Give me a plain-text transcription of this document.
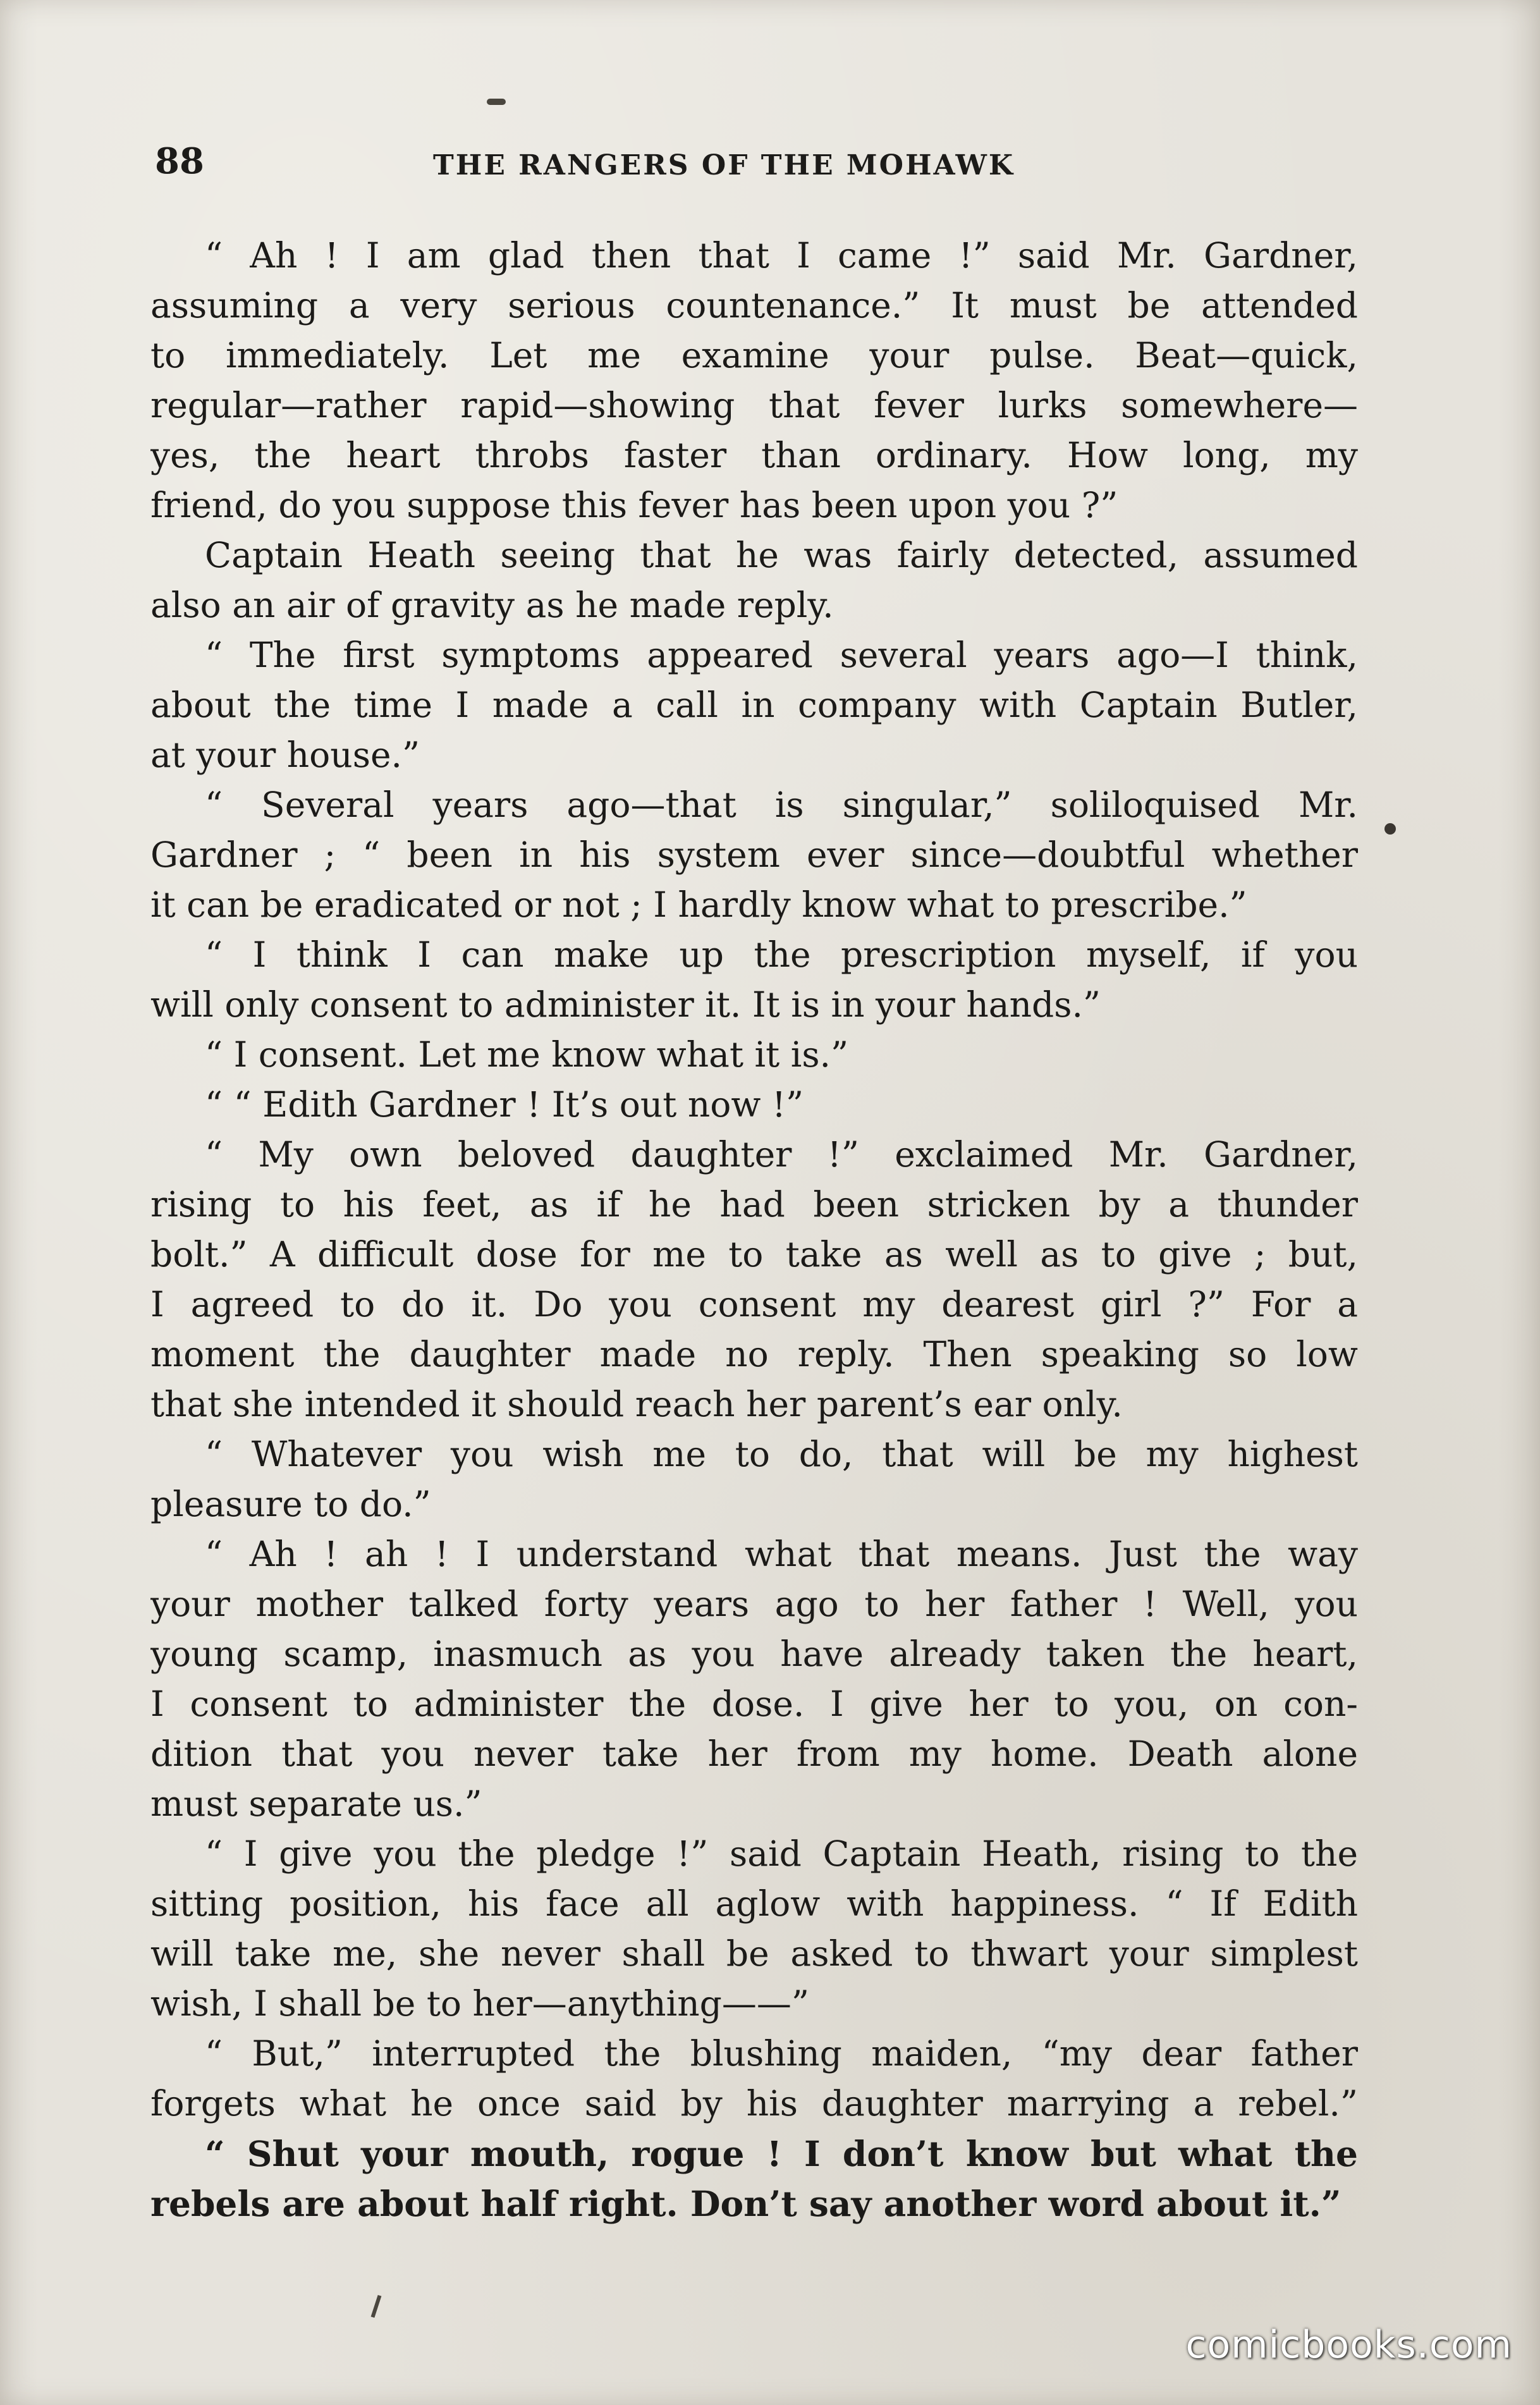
88	THE RANGERS OF THE MOHAWK
“ Ah ! I am glad then that I came !” said Mr. Gardner,
assuming a very serious countenance.” It must be attended
to immediately. Let me examine your pulse. Beat—quick,
regular—rather rapid—showing that fever lurks somewhere—
yes, the heart throbs faster than ordinary. How long, my
friend, do you suppose this fever has been upon you ?”
Captain Heath seeing that he was fairly detected, assumed
also an air of gravity as he made reply.
“ The first symptoms appeared several years ago—I think,
about the time I made a call in company with Captain Butler,
at your house.”
“ Several years ago—that is singular,” soliloquised Mr.
Gardner ; “ been in his system ever since—doubtful whether
it can be eradicated or not ; I hardly know what to prescribe.”
“ I think I can make up the prescription myself, if you
will only consent to administer it. It is in your hands.”
“ I consent. Let me know what it is.”
“ “ Edith Gardner ! It’s out now !”
“ My own beloved daughter !” exclaimed Mr. Gardner,
rising to his feet, as if he had been stricken by a thunder
bolt.” A difficult dose for me to take as well as to give ; but,
I agreed to do it. Do you consent my dearest girl ?” For a
moment the daughter made no reply. Then speaking so low
that she intended it should reach her parent’s ear only.
“ Whatever you wish me to do, that will be my highest
pleasure to do.”
“ Ah ! ah ! I understand what that means. Just the way
your mother talked forty years ago to her father ! Well, you
young scamp, inasmuch as you have already taken the heart,
I consent to administer the dose. I give her to you, on con-
dition that you never take her from my home. Death alone
must separate us.”
“ I give you the pledge !” said Captain Heath, rising to the
sitting position, his face all aglow with happiness. “ If Edith
will take me, she never shall be asked to thwart your simplest
wish, I shall be to her—anything——”
“ But,” interrupted the blushing maiden, “my dear father
forgets what he once said by his daughter marrying a rebel.”
“ Shut your mouth, rogue ! I don’t know but what the
rebels are about half right. Don’t say another word about it.”
comicbooks.com
